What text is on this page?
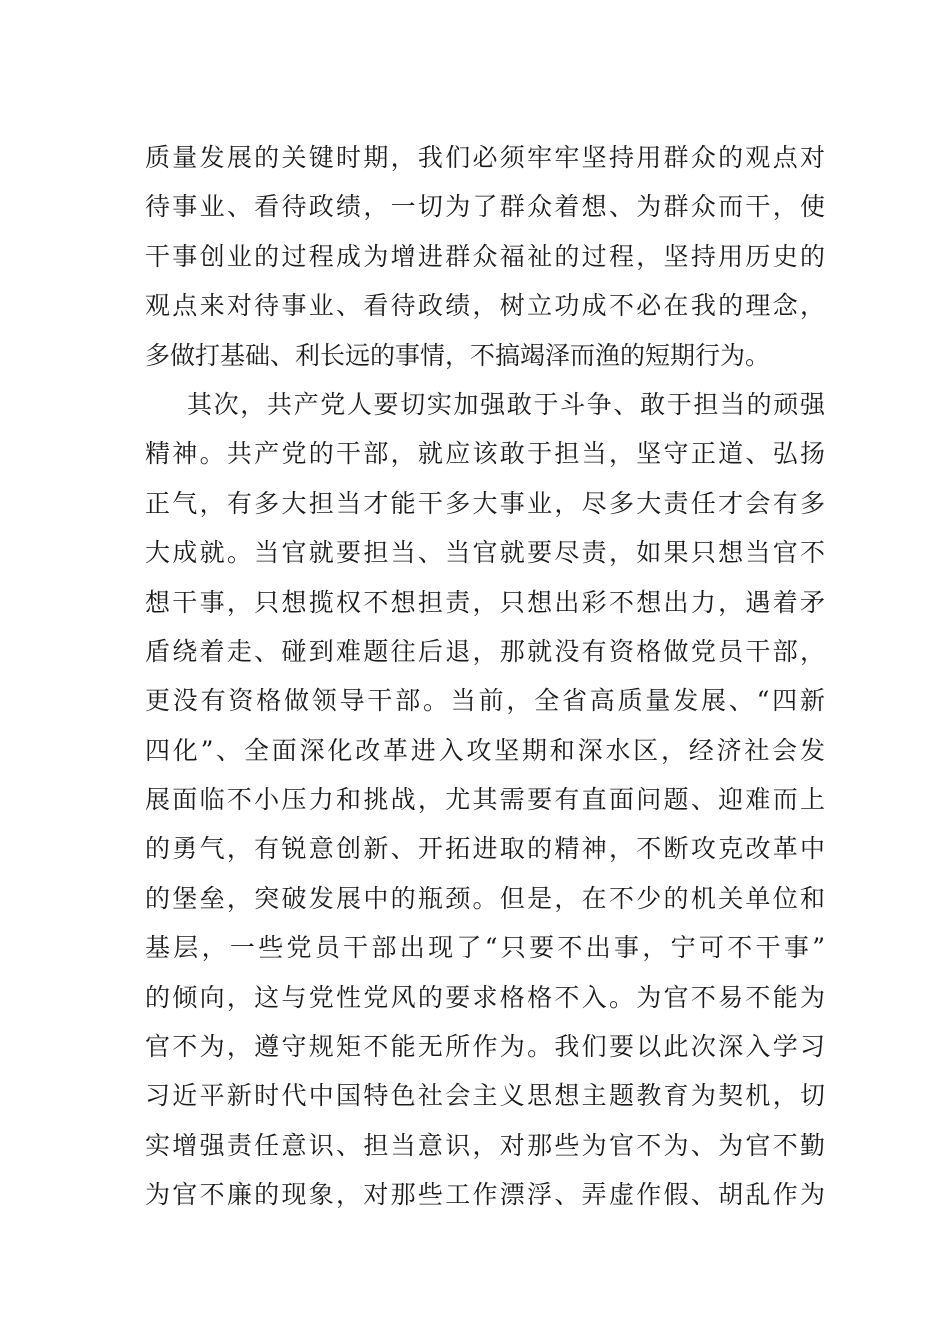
质量发展的关键时期，我们必须牢牢坚持用群众的观点对
待事业、看待政绩，一切为了群众着想、为群众而干，使
干事创业的过程成为增进群众福祉的过程，坚持用历史的
观点来对待事业、看待政绩，树立功成不必在我的理念，
多做打基础、利长远的事情，不搞竭泽而渔的短期行为。
其次，共产党人要切实加强敢于斗争、敢于担当的顽强
精神。共产党的干部，就应该敢于担当，坚守正道、弘扬
正气，有多大担当才能干多大事业，尽多大责任才会有多
大成就。当官就要担当、当官就要尽责，如果只想当官不
想干事，只想揽权不想担责，只想出彩不想出力，遇着矛
盾绕着走、碰到难题往后退，那就没有资格做党员干部，
更没有资格做领导干部。当前，全省高质量发展、“四新
四化”、全面深化改革进入攻坚期和深水区，经济社会发
展面临不小压力和挑战，尤其需要有直面问题、迎难而上
的勇气，有锐意创新、开拓进取的精神，不断攻克改革中
的堡垒，突破发展中的瓶颈。但是，在不少的机关单位和
基层，一些党员干部出现了“只要不出事，宁可不干事”
的倾向，这与党性党风的要求格格不入。为官不易不能为
官不为，遵守规矩不能无所作为。我们要以此次深入学习
习近平新时代中国特色社会主义思想主题教育为契机，切
实增强责任意识、担当意识，对那些为官不为、为官不勤
为官不廉的现象，对那些工作漂浮、弄虚作假、胡乱作为
